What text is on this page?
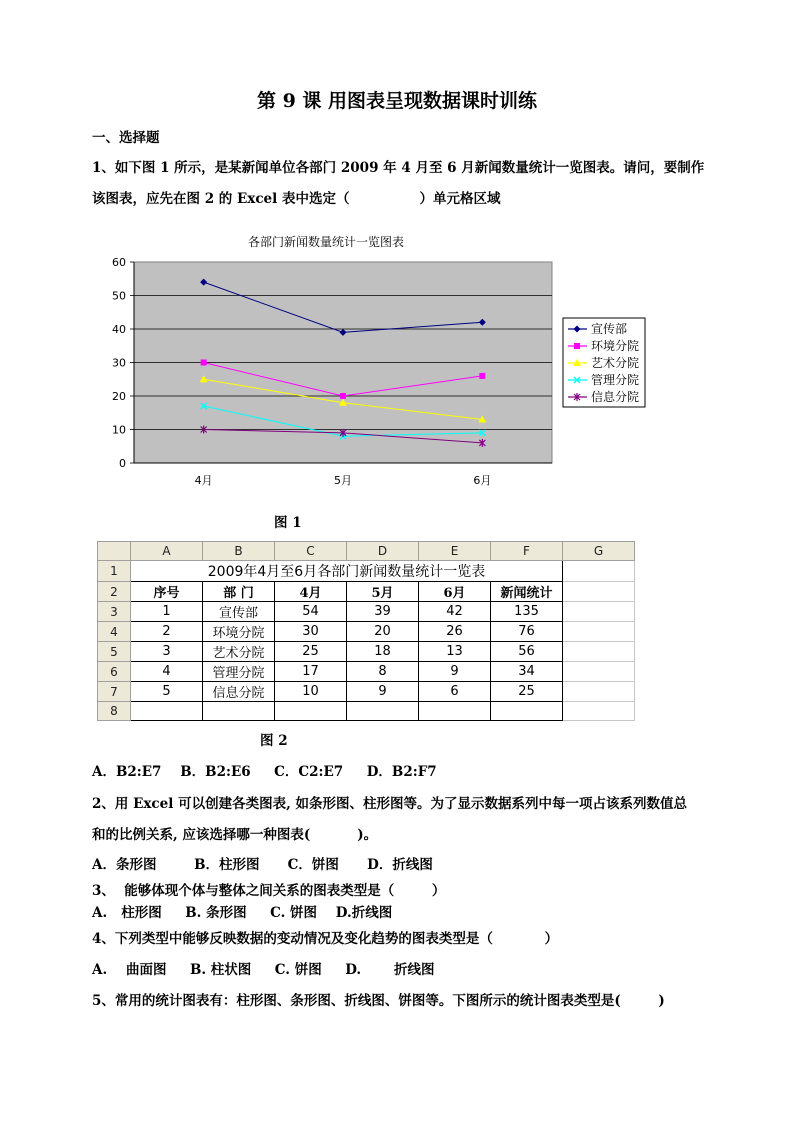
第 9 课 用图表呈现数据课时训练
一、选择题
1、如下图 1 所示，是某新闻单位各部门 2009 年 4 月至 6 月新闻数量统计一览图表。请问，要制作
该图表，应先在图 2 的 Excel 表中选定（	）单元格区域
各部门新闻数量统计一览图表
0
10
20
30
40
50
60
4月	5月	6月
宣传部
环境分院
艺术分院
管理分院
信息分院
图 1
	A	B	C	D	E	F	G
1	2009年4月至6月各部门新闻数量统计一览表						
2	序号	部 门	4月	5月	6月	新闻统计	
3	1	宣传部	54	39	42	135	
4	2	环境分院	30	20	26	76	
5	3	艺术分院	25	18	13	56	
6	4	管理分院	17	8	9	34	
7	5	信息分院	10	9	6	25	
8							
图 2
A．B2:E7 B．B2:E6 C．C2:E7 D．B2:F7
2、用 Excel 可以创建各类图表, 如条形图、柱形图等。为了显示数据系列中每一项占该系列数值总
和的比例关系, 应该选择哪一种图表(          )。
A．条形图        B．柱形图      C．饼图      D．折线图
3、  能够体现个体与整体之间关系的图表类型是（        ）
A.   柱形图     B. 条形图     C. 饼图    D.折线图
4、下列类型中能够反映数据的变动情况及变化趋势的图表类型是（           ）
A.    曲面图     B. 柱状图     C. 饼图     D.       折线图
5、常用的统计图表有：柱形图、条形图、折线图、饼图等。下图所示的统计图表类型是(        )
